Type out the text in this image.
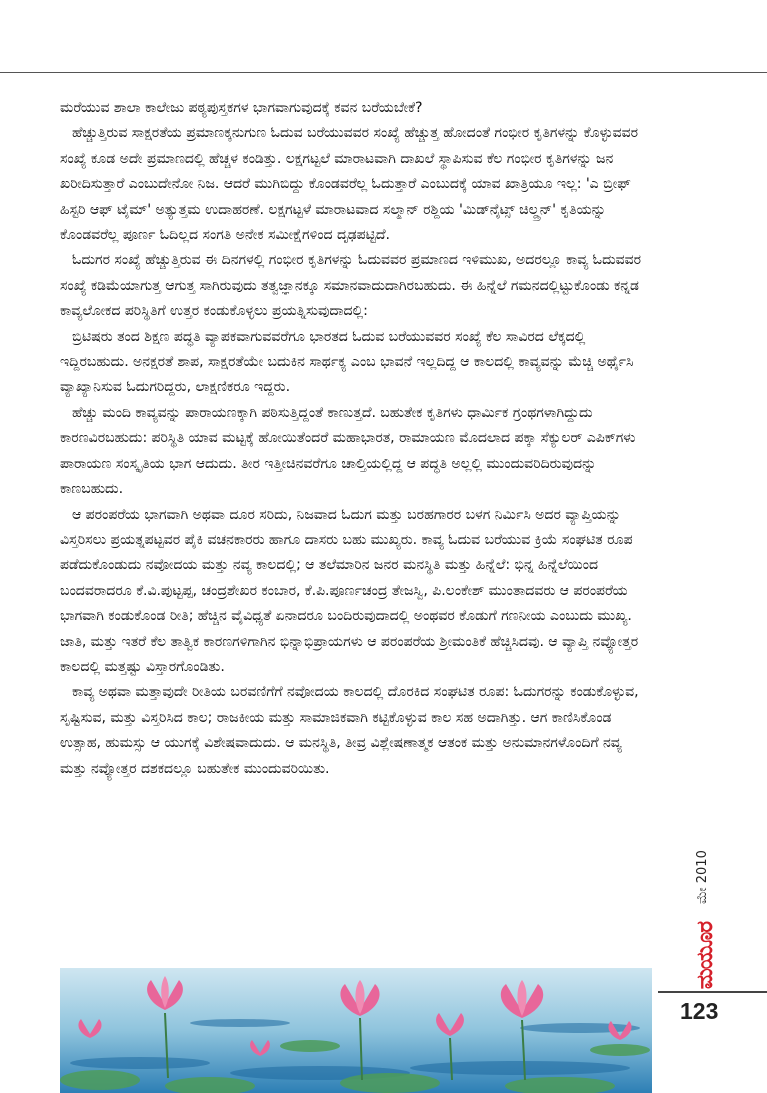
ಮರೆಯುವ ಶಾಲಾ ಕಾಲೇಜು ಪಠ್ಯಪುಸ್ತಕಗಳ ಭಾಗವಾಗುವುದಕ್ಕೆ ಕವನ ಬರೆಯಬೇಕೆ?

ಹೆಚ್ಚುತ್ತಿರುವ ಸಾಕ್ಷರತೆಯ ಪ್ರಮಾಣಕ್ಕನುಗುಣ ಓದುವ ಬರೆಯುವವರ ಸಂಖ್ಯೆ ಹೆಚ್ಚುತ್ತ ಹೋದಂತೆ ಗಂಭೀರ ಕೃತಿಗಳನ್ನು ಕೊಳ್ಳುವವರ ಸಂಖ್ಯೆ ಕೂಡ ಅದೇ ಪ್ರಮಾಣದಲ್ಲಿ ಹೆಚ್ಚಳ ಕಂಡಿತ್ತು. ಲಕ್ಷಗಟ್ಟಲೆ ಮಾರಾಟವಾಗಿ ದಾಖಲೆ ಸ್ಥಾಪಿಸುವ ಕೆಲ ಗಂಭೀರ ಕೃತಿಗಳನ್ನು ಜನ ಖರೀದಿಸುತ್ತಾರೆ ಎಂಬುದೇನೋ ನಿಜ. ಆದರೆ ಮುಗಿಬಿದ್ದು ಕೊಂಡವರೆಲ್ಲ ಓದುತ್ತಾರೆ ಎಂಬುದಕ್ಕೆ ಯಾವ ಖಾತ್ರಿಯೂ ಇಲ್ಲ: 'ಎ ಬ್ರೀಫ್ ಹಿಸ್ಟರಿ ಆಫ್ ಟೈಮ್' ಅತ್ಯುತ್ತಮ ಉದಾಹರಣೆ. ಲಕ್ಷಗಟ್ಟಳೆ ಮಾರಾಟವಾದ ಸಲ್ಮಾನ್ ರಶ್ದಿಯ 'ಮಿಡ್‌ನೈಟ್ಸ್ ಚಿಲ್ಡ್ರನ್' ಕೃತಿಯನ್ನು ಕೊಂಡವರೆಲ್ಲ ಪೂರ್ಣ ಓದಿಲ್ಲದ ಸಂಗತಿ ಅನೇಕ ಸಮೀಕ್ಷೆಗಳಿಂದ ದೃಢಪಟ್ಟಿದೆ.

ಓದುಗರ ಸಂಖ್ಯೆ ಹೆಚ್ಚುತ್ತಿರುವ ಈ ದಿನಗಳಲ್ಲಿ ಗಂಭೀರ ಕೃತಿಗಳನ್ನು ಓದುವವರ ಪ್ರಮಾಣದ ಇಳಿಮುಖ, ಅದರಲ್ಲೂ ಕಾವ್ಯ ಓದುವವರ ಸಂಖ್ಯೆ ಕಡಿಮೆಯಾಗುತ್ತ ಆಗುತ್ತ ಸಾಗಿರುವುದು ತತ್ವಜ್ಞಾನಕ್ಕೂ ಸಮಾನವಾದುದಾಗಿರಬಹುದು. ಈ ಹಿನ್ನೆಲೆ ಗಮನದಲ್ಲಿಟ್ಟುಕೊಂಡು ಕನ್ನಡ ಕಾವ್ಯಲೋಕದ ಪರಿಸ್ಥಿತಿಗೆ ಉತ್ತರ ಕಂಡುಕೊಳ್ಳಲು ಪ್ರಯತ್ನಿಸುವುದಾದಲ್ಲಿ:

ಬ್ರಿಟಿಷರು ತಂದ ಶಿಕ್ಷಣ ಪದ್ಧತಿ ವ್ಯಾಪಕವಾಗುವವರೆಗೂ ಭಾರತದ ಓದುವ ಬರೆಯುವವರ ಸಂಖ್ಯೆ ಕೆಲ ಸಾವಿರದ ಲೆಕ್ಕದಲ್ಲಿ ಇದ್ದಿರಬಹುದು. ಅನಕ್ಷರತೆ ಶಾಪ, ಸಾಕ್ಷರತೆಯೇ ಬದುಕಿನ ಸಾರ್ಥಕ್ಯ ಎಂಬ ಭಾವನೆ ಇಲ್ಲದಿದ್ದ ಆ ಕಾಲದಲ್ಲಿ ಕಾವ್ಯವನ್ನು ಮೆಚ್ಚಿ ಅರ್ಥೈಸಿ ವ್ಯಾಖ್ಯಾನಿಸುವ ಓದುಗರಿದ್ದರು, ಲಾಕ್ಷಣಿಕರೂ ಇದ್ದರು.

ಹೆಚ್ಚು ಮಂದಿ ಕಾವ್ಯವನ್ನು ಪಾರಾಯಣಕ್ಕಾಗಿ ಪಠಿಸುತ್ತಿದ್ದಂತೆ ಕಾಣುತ್ತದೆ. ಬಹುತೇಕ ಕೃತಿಗಳು ಧಾರ್ಮಿಕ ಗ್ರಂಥಗಳಾಗಿದ್ದುದು ಕಾರಣವಿರಬಹುದು: ಪರಿಸ್ಥಿತಿ ಯಾವ ಮಟ್ಟಕ್ಕೆ ಹೋಯಿತೆಂದರೆ ಮಹಾಭಾರತ, ರಾಮಾಯಣ ಮೊದಲಾದ ಪಕ್ಕಾ ಸೆಕ್ಯುಲರ್ ಎಪಿಕ್‌ಗಳು ಪಾರಾಯಣ ಸಂಸ್ಕೃತಿಯ ಭಾಗ ಆದುದು. ತೀರ ಇತ್ತೀಚಿನವರೆಗೂ ಚಾಲ್ತಿಯಲ್ಲಿದ್ದ ಆ ಪದ್ಧತಿ ಅಲ್ಲಲ್ಲಿ ಮುಂದುವರಿದಿರುವುದನ್ನು ಕಾಣಬಹುದು.

ಆ ಪರಂಪರೆಯ ಭಾಗವಾಗಿ ಅಥವಾ ದೂರ ಸರಿದು, ನಿಜವಾದ ಓದುಗ ಮತ್ತು ಬರಹಗಾರರ ಬಳಗ ನಿರ್ಮಿಸಿ ಅದರ ವ್ಯಾಪ್ತಿಯನ್ನು ವಿಸ್ತರಿಸಲು ಪ್ರಯತ್ನಪಟ್ಟವರ ಪೈಕಿ ವಚನಕಾರರು ಹಾಗೂ ದಾಸರು ಬಹು ಮುಖ್ಯರು. ಕಾವ್ಯ ಓದುವ ಬರೆಯುವ ಕ್ರಿಯೆ ಸಂಘಟಿತ ರೂಪ ಪಡೆದುಕೊಂಡುದು ನವೋದಯ ಮತ್ತು ನವ್ಯ ಕಾಲದಲ್ಲಿ; ಆ ತಲೆಮಾರಿನ ಜನರ ಮನಸ್ಥಿತಿ ಮತ್ತು ಹಿನ್ನೆಲೆ: ಭಿನ್ನ ಹಿನ್ನೆಲೆಯಿಂದ ಬಂದವರಾದರೂ ಕೆ.ವಿ.ಪುಟ್ಟಪ್ಪ, ಚಂದ್ರಶೇಖರ ಕಂಬಾರ, ಕೆ.ಪಿ.ಪೂರ್ಣಚಂದ್ರ ತೇಜಸ್ವಿ, ಪಿ.ಲಂಕೇಶ್ ಮುಂತಾದವರು ಆ ಪರಂಪರೆಯ ಭಾಗವಾಗಿ ಕಂಡುಕೊಂಡ ರೀತಿ; ಹೆಚ್ಚಿನ ವೈವಿಧ್ಯತೆ ಏನಾದರೂ ಬಂದಿರುವುದಾದಲ್ಲಿ ಅಂಥವರ ಕೊಡುಗೆ ಗಣನೀಯ ಎಂಬುದು ಮುಖ್ಯ. ಜಾತಿ, ಮತ್ತು ಇತರೆ ಕೆಲ ತಾತ್ವಿಕ ಕಾರಣಗಳಿಗಾಗಿನ ಭಿನ್ನಾಭಿಪ್ರಾಯಗಳು ಆ ಪರಂಪರೆಯ ಶ್ರೀಮಂತಿಕೆ ಹೆಚ್ಚಿಸಿದವು. ಆ ವ್ಯಾಪ್ತಿ ನವ್ಯೋತ್ತರ ಕಾಲದಲ್ಲಿ ಮತ್ತಷ್ಟು ವಿಸ್ತಾರಗೊಂಡಿತು.

ಕಾವ್ಯ ಅಥವಾ ಮತ್ತಾವುದೇ ರೀತಿಯ ಬರವಣಿಗೆಗೆ ನವೋದಯ ಕಾಲದಲ್ಲಿ ದೊರಕಿದ ಸಂಘಟಿತ ರೂಪ: ಓದುಗರನ್ನು ಕಂಡುಕೊಳ್ಳುವ, ಸೃಷ್ಟಿಸುವ, ಮತ್ತು ವಿಸ್ತರಿಸಿದ ಕಾಲ; ರಾಜಕೀಯ ಮತ್ತು ಸಾಮಾಜಿಕವಾಗಿ ಕಟ್ಟಿಕೊಳ್ಳುವ ಕಾಲ ಸಹ ಅದಾಗಿತ್ತು. ಆಗ ಕಾಣಿಸಿಕೊಂಡ ಉತ್ಸಾಹ, ಹುಮಸ್ಸು ಆ ಯುಗಕ್ಕೆ ವಿಶೇಷವಾದುದು. ಆ ಮನಸ್ಥಿತಿ, ತೀವ್ರ ವಿಶ್ಲೇಷಣಾತ್ಮಕ ಆತಂಕ ಮತ್ತು ಅನುಮಾನಗಳೊಂದಿಗೆ ನವ್ಯ ಮತ್ತು ನವ್ಯೋತ್ತರ ದಶಕದಲ್ಲೂ ಬಹುತೇಕ ಮುಂದುವರಿಯಿತು.

ಮೇ 2010
ಮಯೂರ
123
